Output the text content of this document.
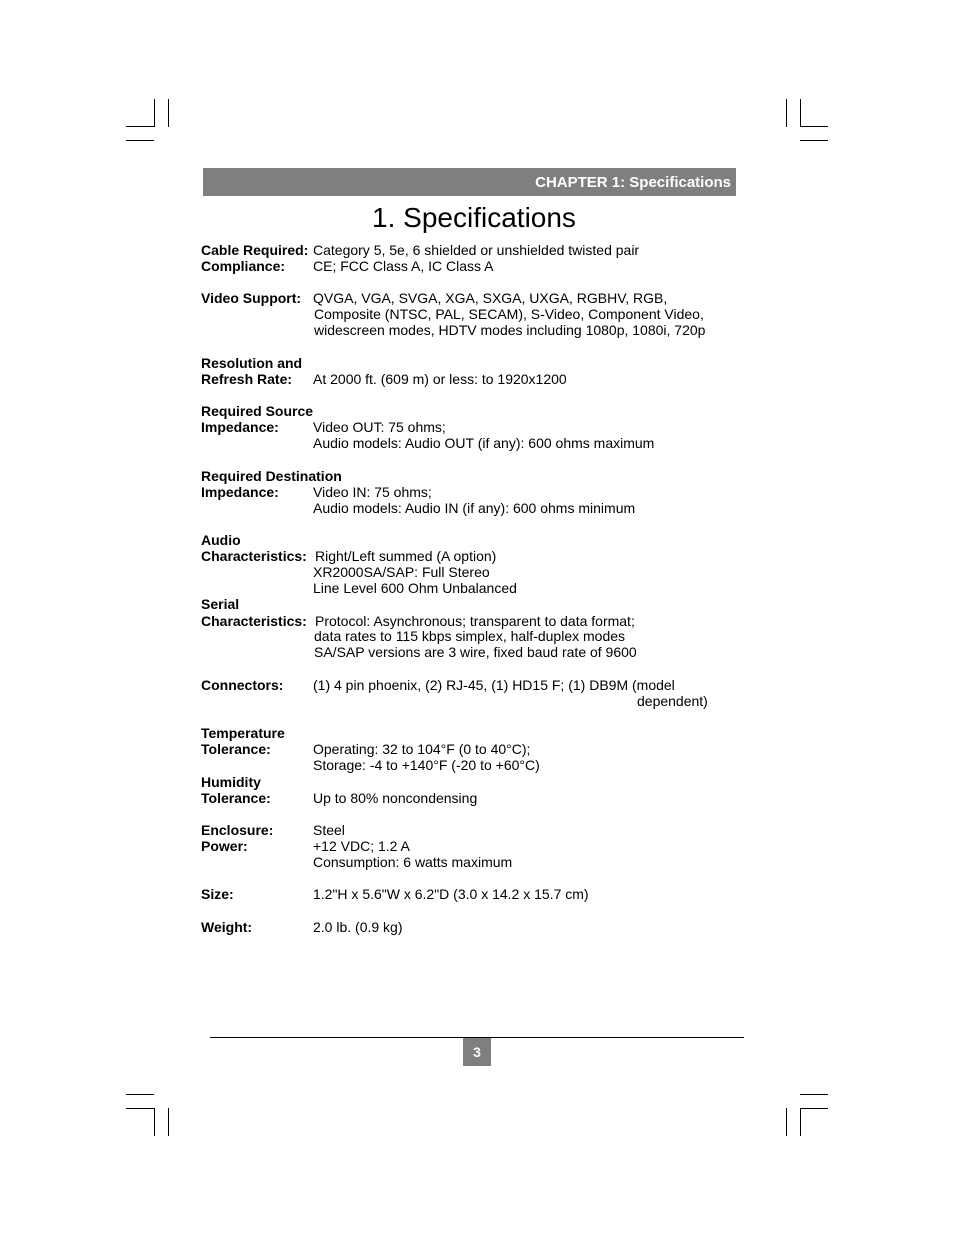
CHAPTER 1: Specifications
1. Specifications
Cable Required: Category 5, 5e, 6 shielded or unshielded twisted pair
Compliance: CE; FCC Class A, IC Class A
Video Support: QVGA, VGA, SVGA, XGA, SXGA, UXGA, RGBHV, RGB,
Composite (NTSC, PAL, SECAM), S-Video, Component Video,
widescreen modes, HDTV modes including 1080p, 1080i, 720p
Resolution and
Refresh Rate: At 2000 ft. (609 m) or less: to 1920x1200
Required Source
Impedance: Video OUT: 75 ohms;
Audio models: Audio OUT (if any): 600 ohms maximum
Required Destination
Impedance: Video IN: 75 ohms;
Audio models: Audio IN (if any): 600 ohms minimum
Audio
Characteristics: Right/Left summed (A option)
XR2000SA/SAP: Full Stereo
Line Level 600 Ohm Unbalanced
Serial
Characteristics: Protocol: Asynchronous; transparent to data format;
data rates to 115 kbps simplex, half-duplex modes
SA/SAP versions are 3 wire, fixed baud rate of 9600
Connectors: (1) 4 pin phoenix, (2) RJ-45, (1) HD15 F; (1) DB9M (model
dependent)
Temperature
Tolerance:	Operating: 32 to 104°F (0 to 40°C);
Storage: -4 to +140°F (-20 to +60°C)
Humidity
Tolerance:	Up to 80% noncondensing
Enclosure:	Steel
Power:	+12 VDC; 1.2 A
Consumption: 6 watts maximum
Size:	1.2"H x 5.6"W x 6.2"D (3.0 x 14.2 x 15.7 cm)
Weight:	2.0 lb. (0.9 kg)
3
